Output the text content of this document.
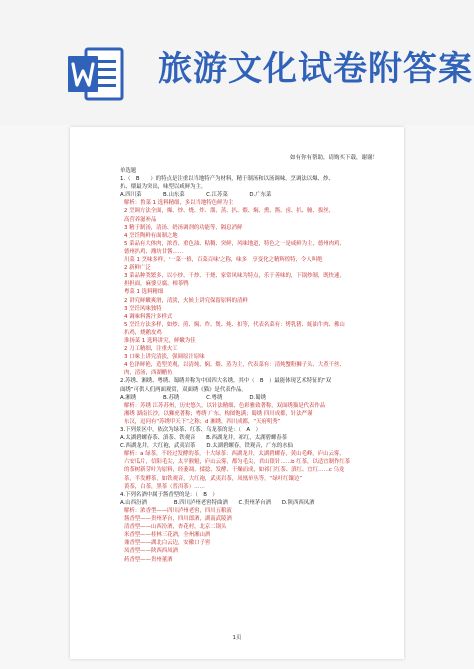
旅游文化试卷附答案
如有你有帮助，请购买下载，谢谢！
单选题
1.（　B　　）的特点是注重以当地特产为材料，精于制汤和以汤调味，烹调法以爆、炒、
扒、煨最为突出，味型以咸鲜为主。
A.四川菜　　　　B.山东菜　　　　C.江苏菜　　　　D.广东菜
解析：鲁菜 1 选料精细，多以当地特色鲜为主
2 烹调方法全面，爆、炒、烧、炸、溜、蒸、扒、煨、焖、熏、酱、卤、扒、腌、拔丝、
高营养滋补品
3 精于制汤，清汤、奶汤调剂的功能等，隔息消鲜
4 烹饪陶鲜有面制之地
5 菜品有大体肉，浓香、重色油、粘稠、突鲜，风味地道，特色之一是咸鲜为主，德州肉鸡、
德州扒鸡、潍坊甘酱……
川菜 1 烹味多样，'一菜一格，百菜百味'之称，味多　享变化之精辉煌特，令人叫绝
2 新鲜广泛
3 菜品种类繁多，以小炒、干炒、干烧、家常风味为特点，乐于善味的，下锅炒制，既快速，
担担面，麻婆豆腐，樟茶鸭
粤菜 1 选料精细
2 讲究鲜嫩爽滑，清淡，火候上讲究保留原料的清鲜
3 烹饪风味独特
4 调味料酱汁多样式
5 烹饪方法多样，如炒、煎、焖、炸、煲、炖、扣等，代表名菜有：烤乳猪、蚝油牛肉、佛山
扒鸡，烧鹅皮鸡
淮扬菜 1 选料讲究，鲜嫩为佳
2 刀工精细，注重火工
3 口味上讲究清淡，强调原汁原味
4 色泽鲜艳，造型美观，以清炖、焖、煨、蒸为主，代表菜有：清炖蟹粉狮子头、大煮干丝、
肉，清汤，西湖醋鱼
2.苏绣、湘绣、粤绣、蜀绣并称为中国四大名绣，其中（　B　）最能体现艺术特征的“双
面绣”可供人们两面观赏，双面绣《猫》是代表作品。
A.湘绣　　　　　B.苏绣　　　　　C.粤绣　　　　　D.蜀绣
解析：苏绣 江苏苏州，历史悠久，以针法精细、色彩雅致著称，双面绣猫是代表作品
湘绣 湖南长沙，以狮虎著称；粤绣 广东，构图饱满；蜀绣 四川成都，针法严谨
东汉，逗问有“苏绣甲天下”之称；d 湘绣，四川成都，“天府明秀”
3.下列景区中，依次为绿茶、红茶、乌龙茶的是：（　A　）
A.太湖碧螺春茶、滇茶、铁观音　　B.西湖龙井，祁红，太湖碧螺春茶
C.西湖龙井，大红袍，武夷岩茶　　D.太湖碧螺春，铁观音，广东的水仙
解析：a 绿茶，不经过发酵的茶，十大绿茶：西湖龙井，太湖碧螺春，黄山毛峰，庐山云雾，
六安瓜片，信阳毛尖，太平猴魁，庐山云雾，都匀毛尖，君山银针……b 红茶，以适宜制作红茶
的茶树新芽叶为原料，经萎凋、揉捻、发酵、干燥而成，如祁门红茶、滇红、宜红……c 乌龙
茶，半发酵茶，如铁观音，大红袍，武夷岩茶，凤凰单丛等，“绿叶红镶边”
黄茶，白茶，黑茶（普洱茶）……
4.下列名酒中属于酱香型的是：（　B　）
A.山西汾酒　　　　　B.四川泸州老窖特曲酒　　C.贵州茅台酒　　D.陕西西凤酒
解析：浓香型——四川泸州老窖，四川五粮液
酱香型——贵州茅台，四川郎酒，湖南武陵酒
清香型——山西汾酒，杏花村，北京二锅头
米香型——桂林三花酒，全州湘山酒
兼香型——湖北白云边，安徽口子窖
凤香型——陕西西凤酒
药香型——贵州董酒
1页
